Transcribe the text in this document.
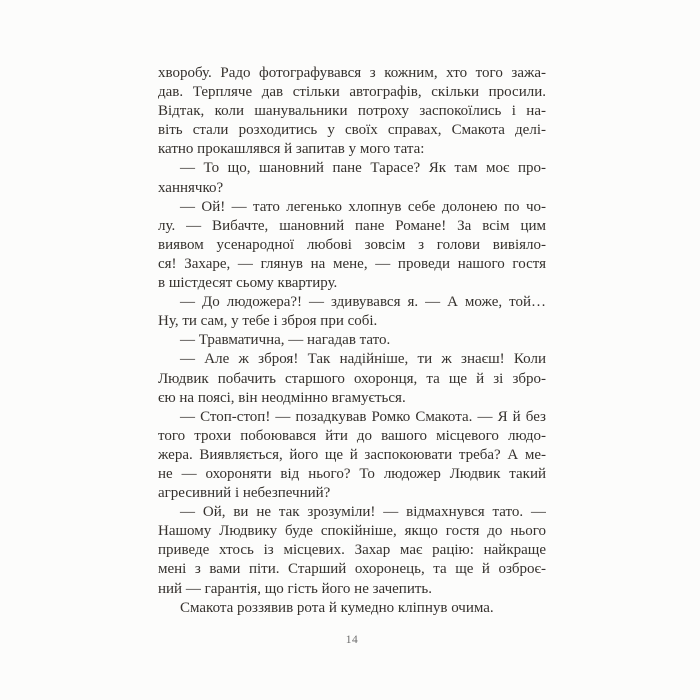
хворобу. Радо фотографувався з кожним, хто того зажа-
дав. Терпляче дав стільки автографів, скільки просили.
Відтак, коли шанувальники потроху заспокоїлись і на-
віть стали розходитись у своїх справах, Смакота делі-
катно прокашлявся й запитав у мого тата:
— То що, шановний пане Тарасе? Як там моє про-
ханнячко?
— Ой! — тато легенько хлопнув себе долонею по чо-
лу. — Вибачте, шановний пане Романе! За всім цим
виявом усенародної любові зовсім з голови вивіяло-
ся! Захаре, — глянув на мене, — проведи нашого гостя
в шістдесят сьому квартиру.
— До людожера?! — здивувався я. — А може, той…
Ну, ти сам, у тебе і зброя при собі.
— Травматична, — нагадав тато.
— Але ж зброя! Так надійніше, ти ж знаєш! Коли
Людвик побачить старшого охоронця, та ще й зі збро-
єю на поясі, він неодмінно вгамується.
— Стоп-стоп! — позадкував Ромко Смакота. — Я й без
того трохи побоювався йти до вашого місцевого людо-
жера. Виявляється, його ще й заспокоювати треба? А ме-
не — охороняти від нього? То людожер Людвик такий
агресивний і небезпечний?
— Ой, ви не так зрозуміли! — відмахнувся тато. —
Нашому Людвику буде спокійніше, якщо гостя до нього
приведе хтось із місцевих. Захар має рацію: найкраще
мені з вами піти. Старший охоронець, та ще й озброє-
ний — гарантія, що гість його не зачепить.
Смакота роззявив рота й кумедно кліпнув очима.
14
